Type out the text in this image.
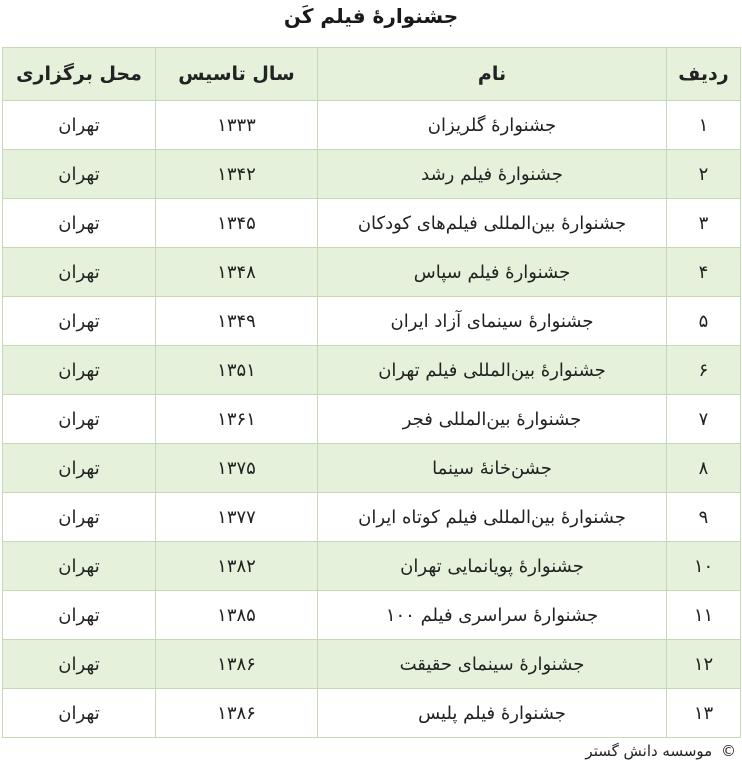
جشنوارۀ فیلم کَن
ردیف	نام	سال تاسیس	محل برگزاری
۱	جشنوارۀ گلریزان	۱۳۳۳	تهران
۲	جشنوارۀ فیلم رشد	۱۳۴۲	تهران
۳	جشنوارۀ بین‌المللی فیلم‌های کودکان	۱۳۴۵	تهران
۴	جشنوارۀ فیلم سپاس	۱۳۴۸	تهران
۵	جشنوارۀ سینمای آزاد ایران	۱۳۴۹	تهران
۶	جشنوارۀ بین‌المللی فیلم تهران	۱۳۵۱	تهران
۷	جشنوارۀ بین‌المللی فجر	۱۳۶۱	تهران
۸	جشن‌خانۀ سینما	۱۳۷۵	تهران
۹	جشنوارۀ بین‌المللی فیلم کوتاه ایران	۱۳۷۷	تهران
۱۰	جشنوارۀ پویانمایی تهران	۱۳۸۲	تهران
۱۱	جشنوارۀ سراسری فیلم ۱۰۰	۱۳۸۵	تهران
۱۲	جشنوارۀ سینمای حقیقت	۱۳۸۶	تهران
۱۳	جشنوارۀ فیلم پلیس	۱۳۸۶	تهران
© موسسه دانش گستر
